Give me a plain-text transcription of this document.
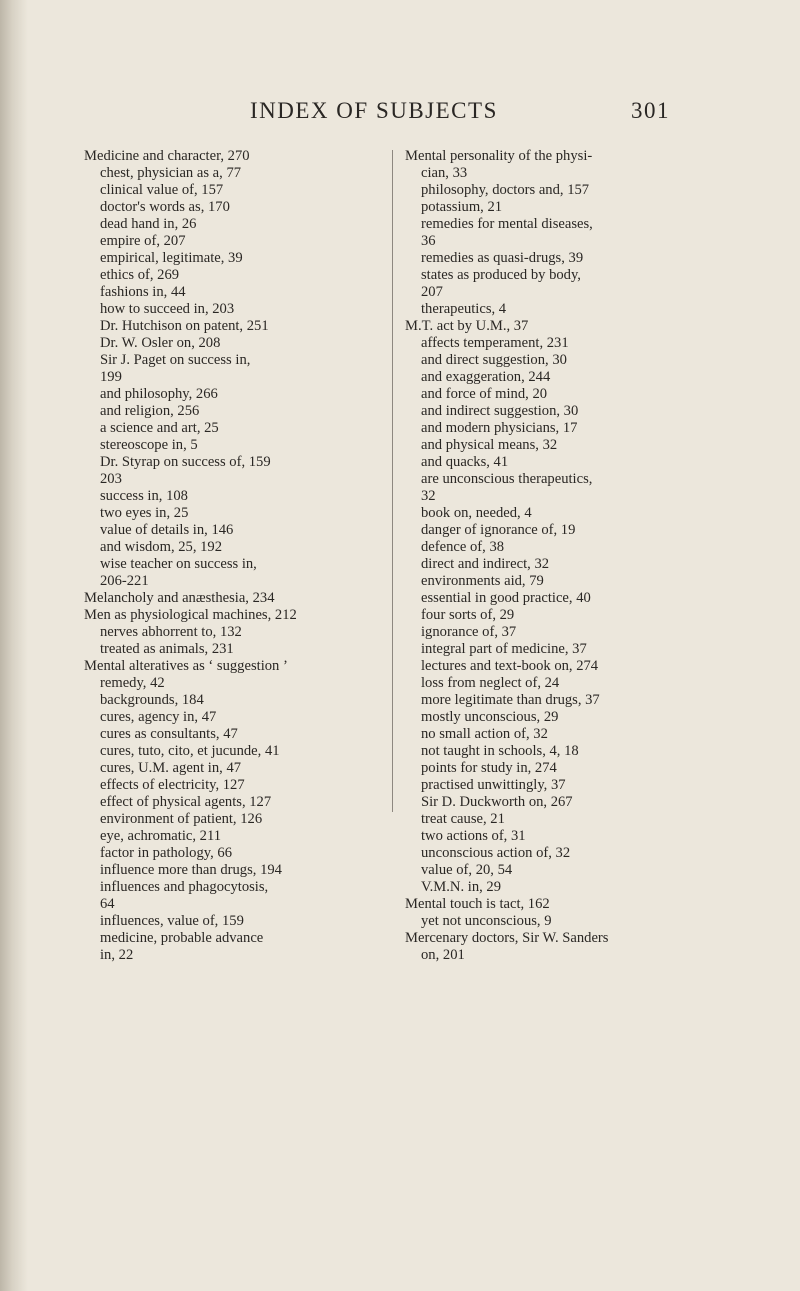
INDEX OF SUBJECTS	301
Medicine and character, 270
chest, physician as a, 77
clinical value of, 157
doctor's words as, 170
dead hand in, 26
empire of, 207
empirical, legitimate, 39
ethics of, 269
fashions in, 44
how to succeed in, 203
Dr. Hutchison on patent, 251
Dr. W. Osler on, 208
Sir J. Paget on success in,
199
and philosophy, 266
and religion, 256
a science and art, 25
stereoscope in, 5
Dr. Styrap on success of, 159
203
success in, 108
two eyes in, 25
value of details in, 146
and wisdom, 25, 192
wise teacher on success in,
206-221
Melancholy and anæsthesia, 234
Men as physiological machines, 212
nerves abhorrent to, 132
treated as animals, 231
Mental alteratives as ‘ suggestion ’
remedy, 42
backgrounds, 184
cures, agency in, 47
cures as consultants, 47
cures, tuto, cito, et jucunde, 41
cures, U.M. agent in, 47
effects of electricity, 127
effect of physical agents, 127
environment of patient, 126
eye, achromatic, 211
factor in pathology, 66
influence more than drugs, 194
influences and phagocytosis,
64
influences, value of, 159
medicine, probable advance
in, 22
Mental personality of the physi-
cian, 33
philosophy, doctors and, 157
potassium, 21
remedies for mental diseases,
36
remedies as quasi-drugs, 39
states as produced by body,
207
therapeutics, 4
M.T. act by U.M., 37
affects temperament, 231
and direct suggestion, 30
and exaggeration, 244
and force of mind, 20
and indirect suggestion, 30
and modern physicians, 17
and physical means, 32
and quacks, 41
are unconscious therapeutics,
32
book on, needed, 4
danger of ignorance of, 19
defence of, 38
direct and indirect, 32
environments aid, 79
essential in good practice, 40
four sorts of, 29
ignorance of, 37
integral part of medicine, 37
lectures and text-book on, 274
loss from neglect of, 24
more legitimate than drugs, 37
mostly unconscious, 29
no small action of, 32
not taught in schools, 4, 18
points for study in, 274
practised unwittingly, 37
Sir D. Duckworth on, 267
treat cause, 21
two actions of, 31
unconscious action of, 32
value of, 20, 54
V.M.N. in, 29
Mental touch is tact, 162
yet not unconscious, 9
Mercenary doctors, Sir W. Sanders
on, 201
